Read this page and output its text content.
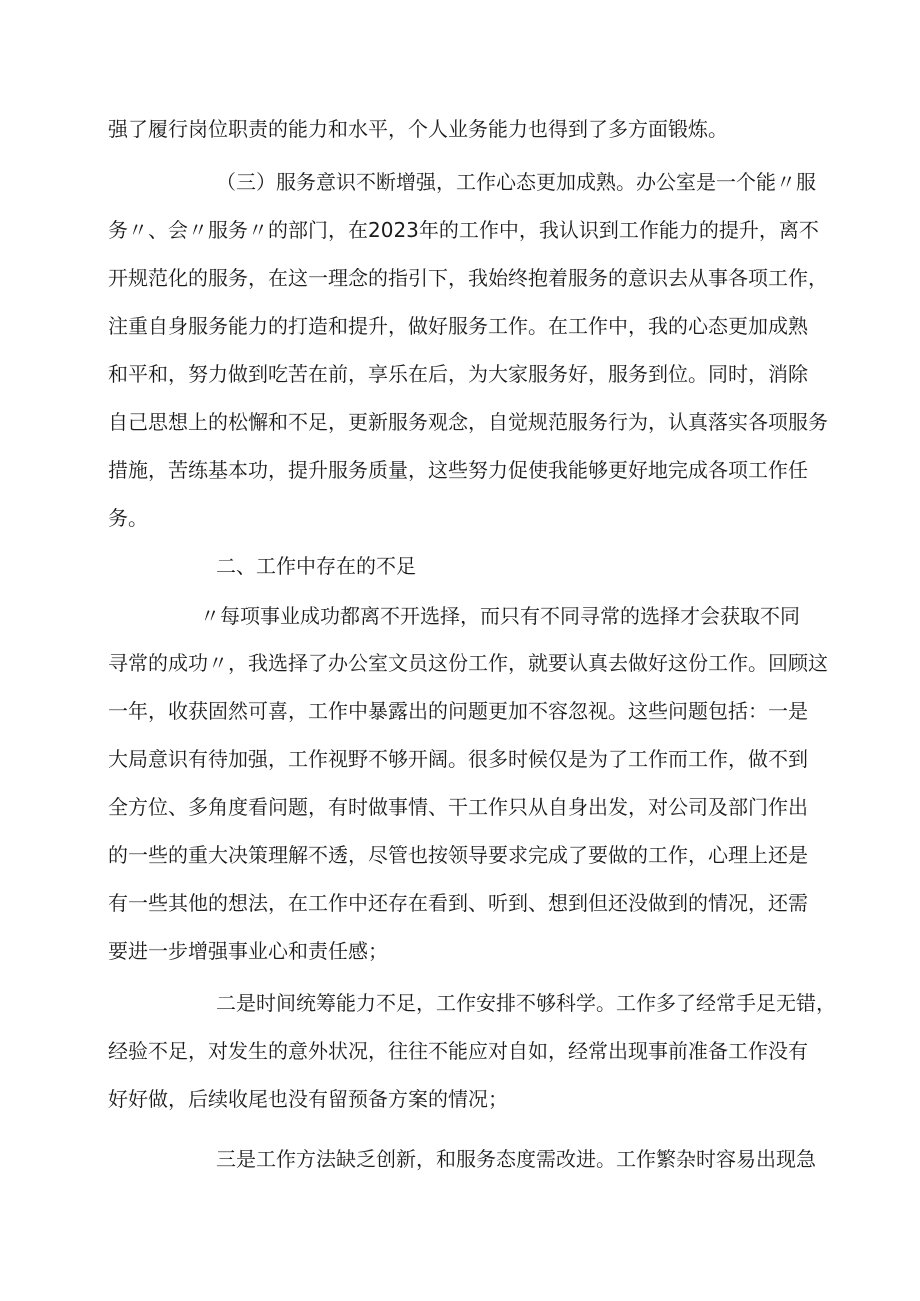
强了履行岗位职责的能力和水平，个人业务能力也得到了多方面锻炼。
（三）服务意识不断增强，工作心态更加成熟。办公室是一个能〃服
务〃、会〃服务〃的部门，在2023年的工作中，我认识到工作能力的提升，离不
开规范化的服务，在这一理念的指引下，我始终抱着服务的意识去从事各项工作，
注重自身服务能力的打造和提升，做好服务工作。在工作中，我的心态更加成熟
和平和，努力做到吃苦在前，享乐在后，为大家服务好，服务到位。同时，消除
自己思想上的松懈和不足，更新服务观念，自觉规范服务行为，认真落实各项服务
措施，苦练基本功，提升服务质量，这些努力促使我能够更好地完成各项工作任
务。
二、工作中存在的不足
〃每项事业成功都离不开选择，而只有不同寻常的选择才会获取不同
寻常的成功〃，我选择了办公室文员这份工作，就要认真去做好这份工作。回顾这
一年，收获固然可喜，工作中暴露出的问题更加不容忽视。这些问题包括：一是
大局意识有待加强，工作视野不够开阔。很多时候仅是为了工作而工作，做不到
全方位、多角度看问题，有时做事情、干工作只从自身出发，对公司及部门作出
的一些的重大决策理解不透，尽管也按领导要求完成了要做的工作，心理上还是
有一些其他的想法，在工作中还存在看到、听到、想到但还没做到的情况，还需
要进一步增强事业心和责任感；
二是时间统筹能力不足，工作安排不够科学。工作多了经常手足无错，
经验不足，对发生的意外状况，往往不能应对自如，经常出现事前准备工作没有
好好做，后续收尾也没有留预备方案的情况；
三是工作方法缺乏创新，和服务态度需改进。工作繁杂时容易出现急
